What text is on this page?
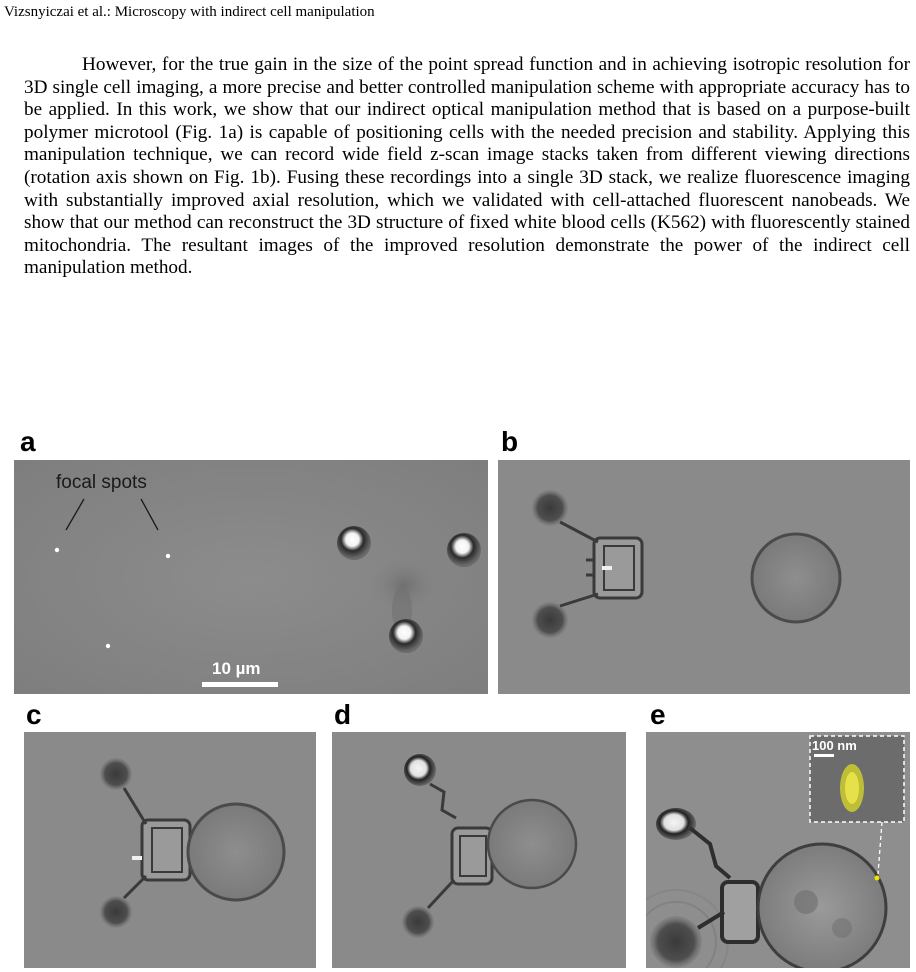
Vizsnyiczai et al.: Microscopy with indirect cell manipulation

However, for the true gain in the size of the point spread function and in achieving isotropic resolution for 3D single cell imaging, a more precise and better controlled manipulation scheme with appropriate accuracy has to be applied. In this work, we show that our indirect optical manipulation method that is based on a purpose-built polymer microtool (Fig. 1a) is capable of positioning cells with the needed precision and stability. Applying this manipulation technique, we can record wide field z-scan image stacks taken from different viewing directions (rotation axis shown on Fig. 1b). Fusing these recordings into a single 3D stack, we realize fluorescence imaging with substantially improved axial resolution, which we validated with cell-attached fluorescent nanobeads. We show that our method can reconstruct the 3D structure of fixed white blood cells (K562) with fluorescently stained mitochondria. The resultant images of the improved resolution demonstrate the power of the indirect cell manipulation method.

a	b
c	d	e
focal spots
10 µm
100 nm
